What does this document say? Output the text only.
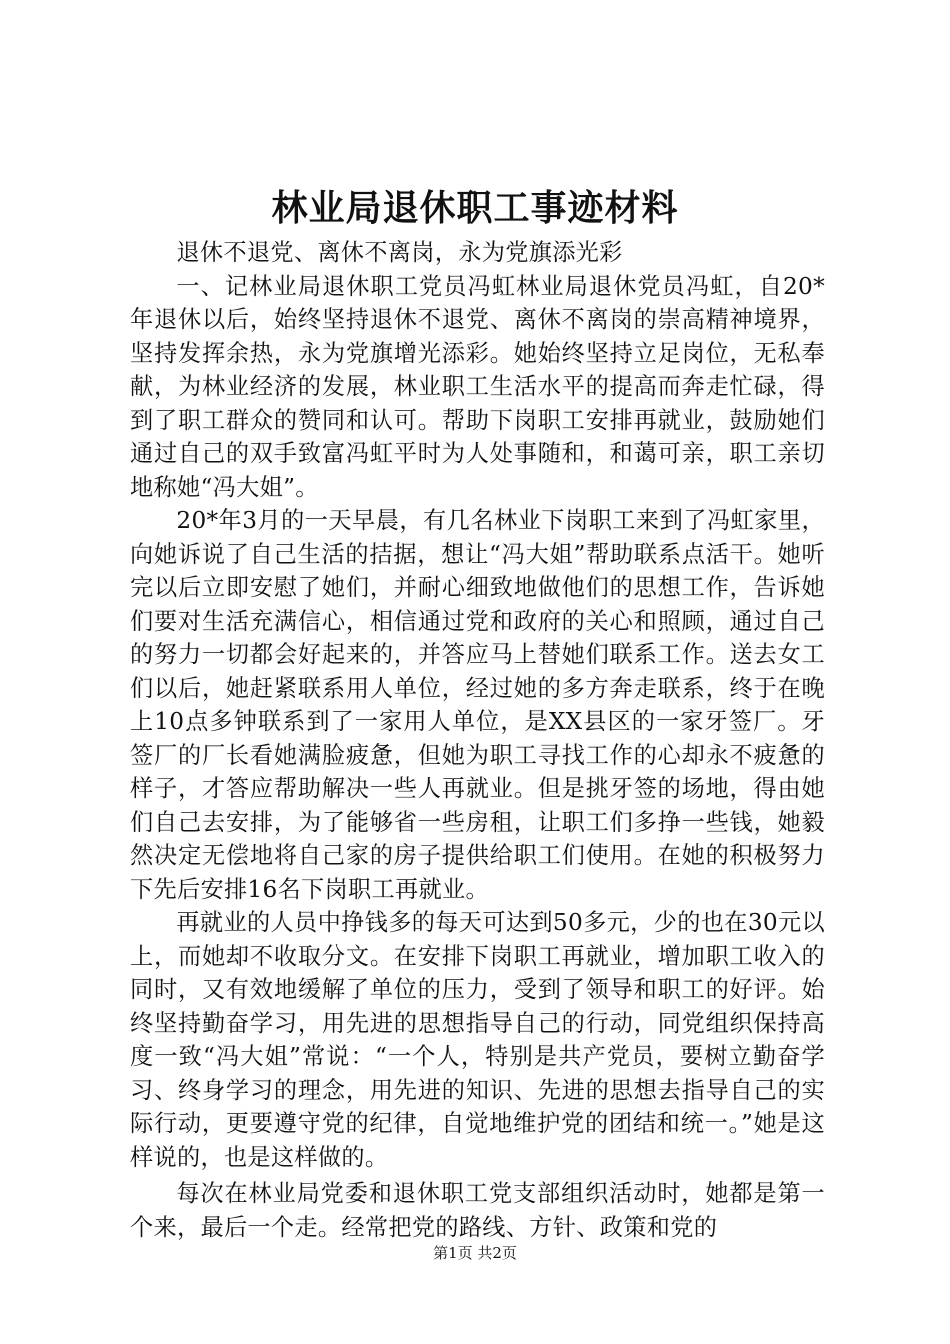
林业局退休职工事迹材料

退休不退党、离休不离岗，永为党旗添光彩

一、记林业局退休职工党员冯虹林业局退休党员冯虹，自20*年退休以后，始终坚持退休不退党、离休不离岗的崇高精神境界，坚持发挥余热，永为党旗增光添彩。她始终坚持立足岗位，无私奉献，为林业经济的发展，林业职工生活水平的提高而奔走忙碌，得到了职工群众的赞同和认可。帮助下岗职工安排再就业，鼓励她们通过自己的双手致富冯虹平时为人处事随和，和蔼可亲，职工亲切地称她“冯大姐”。

20*年3月的一天早晨，有几名林业下岗职工来到了冯虹家里，向她诉说了自己生活的拮据，想让“冯大姐”帮助联系点活干。她听完以后立即安慰了她们，并耐心细致地做他们的思想工作，告诉她们要对生活充满信心，相信通过党和政府的关心和照顾，通过自己的努力一切都会好起来的，并答应马上替她们联系工作。送去女工们以后，她赶紧联系用人单位，经过她的多方奔走联系，终于在晚上10点多钟联系到了一家用人单位，是XX县区的一家牙签厂。牙签厂的厂长看她满脸疲惫，但她为职工寻找工作的心却永不疲惫的样子，才答应帮助解决一些人再就业。但是挑牙签的场地，得由她们自己去安排，为了能够省一些房租，让职工们多挣一些钱，她毅然决定无偿地将自己家的房子提供给职工们使用。在她的积极努力下先后安排16名下岗职工再就业。

再就业的人员中挣钱多的每天可达到50多元，少的也在30元以上，而她却不收取分文。在安排下岗职工再就业，增加职工收入的同时，又有效地缓解了单位的压力，受到了领导和职工的好评。始终坚持勤奋学习，用先进的思想指导自己的行动，同党组织保持高度一致“冯大姐”常说：“一个人，特别是共产党员，要树立勤奋学习、终身学习的理念，用先进的知识、先进的思想去指导自己的实际行动，更要遵守党的纪律，自觉地维护党的团结和统一。”她是这样说的，也是这样做的。

每次在林业局党委和退休职工党支部组织活动时，她都是第一个来，最后一个走。经常把党的路线、方针、政策和党的

第1页 共2页
